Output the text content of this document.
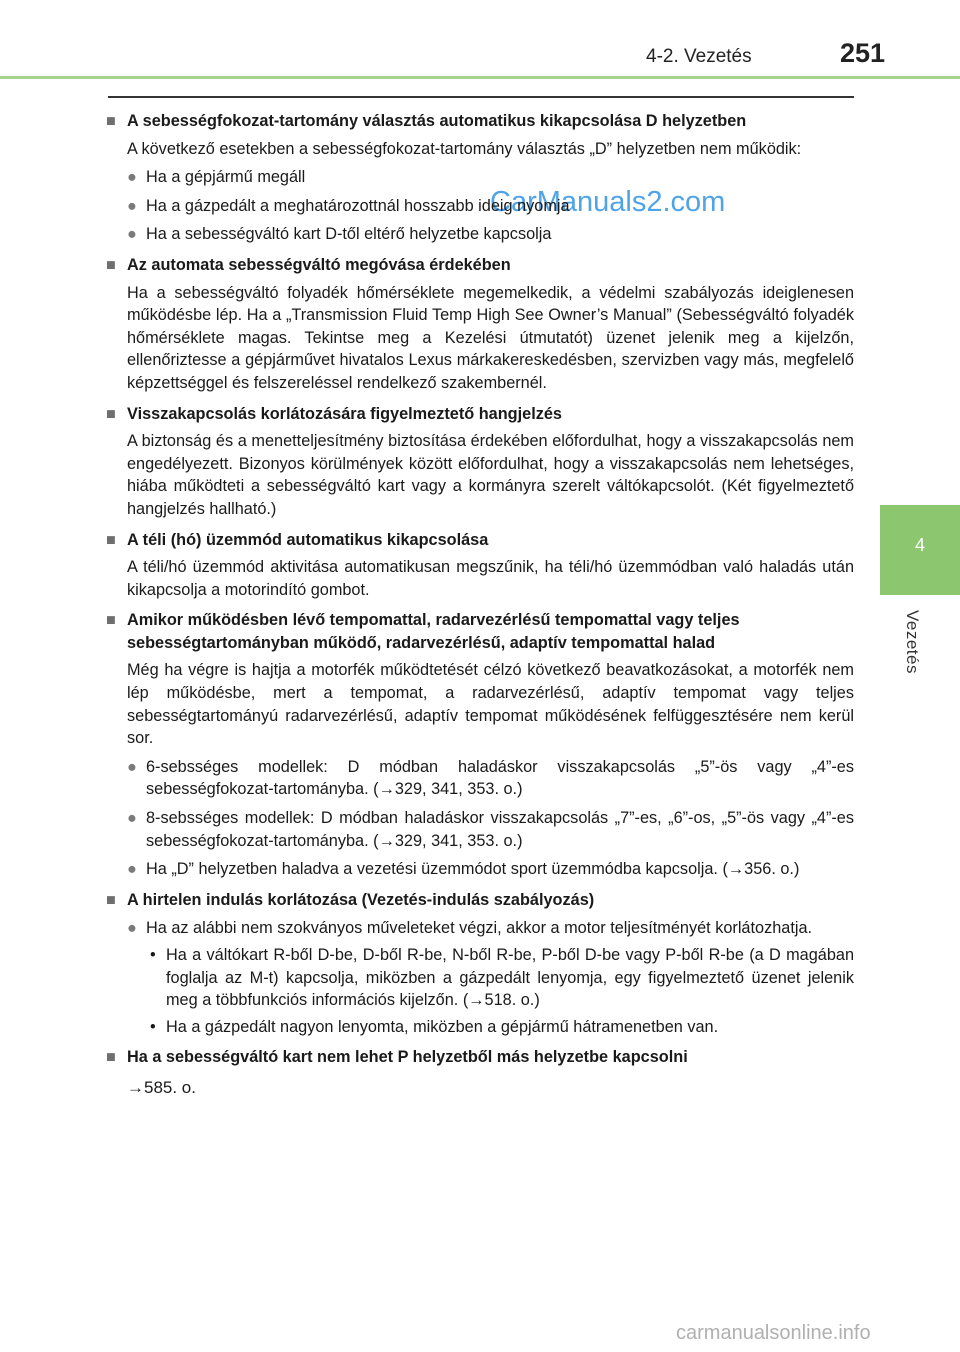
4-2. Vezetés	251
4
Vezetés
CarManuals2.com
■ A sebességfokozat-tartomány választás automatikus kikapcsolása D helyzetben
A következő esetekben a sebességfokozat-tartomány választás „D” helyzetben nem működik:
● Ha a gépjármű megáll
● Ha a gázpedált a meghatározottnál hosszabb ideig nyomja
● Ha a sebességváltó kart D-től eltérő helyzetbe kapcsolja
■ Az automata sebességváltó megóvása érdekében
Ha a sebességváltó folyadék hőmérséklete megemelkedik, a védelmi szabályozás ideiglenesen működésbe lép. Ha a „Transmission Fluid Temp High See Owner’s Manual” (Sebességváltó folyadék hőmérséklete magas. Tekintse meg a Kezelési útmutatót) üzenet jelenik meg a kijelzőn, ellenőriztesse a gépjárművet hivatalos Lexus márkakereskedésben, szervizben vagy más, megfelelő képzettséggel és felszereléssel rendelkező szakembernél.
■ Visszakapcsolás korlátozására figyelmeztető hangjelzés
A biztonság és a menetteljesítmény biztosítása érdekében előfordulhat, hogy a visszakapcsolás nem engedélyezett. Bizonyos körülmények között előfordulhat, hogy a visszakapcsolás nem lehetséges, hiába működteti a sebességváltó kart vagy a kormányra szerelt váltókapcsolót. (Két figyelmeztető hangjelzés hallható.)
■ A téli (hó) üzemmód automatikus kikapcsolása
A téli/hó üzemmód aktivitása automatikusan megszűnik, ha téli/hó üzemmódban való haladás után kikapcsolja a motorindító gombot.
■ Amikor működésben lévő tempomattal, radarvezérlésű tempomattal vagy teljes sebességtartományban működő, radarvezérlésű, adaptív tempomattal halad
Még ha végre is hajtja a motorfék működtetését célzó következő beavatkozásokat, a motorfék nem lép működésbe, mert a tempomat, a radarvezérlésű, adaptív tempomat vagy teljes sebességtartományú radarvezérlésű, adaptív tempomat működésének felfüggesztésére nem kerül sor.
● 6-sebsséges modellek: D módban haladáskor visszakapcsolás „5”-ös vagy „4”-es sebességfokozat-tartományba. (→329, 341, 353. o.)
● 8-sebsséges modellek: D módban haladáskor visszakapcsolás „7”-es, „6”-os, „5”-ös vagy „4”-es sebességfokozat-tartományba. (→329, 341, 353. o.)
● Ha „D” helyzetben haladva a vezetési üzemmódot sport üzemmódba kapcsolja. (→356. o.)
■ A hirtelen indulás korlátozása (Vezetés-indulás szabályozás)
● Ha az alábbi nem szokványos műveleteket végzi, akkor a motor teljesítményét korlátozhatja.
• Ha a váltókart R-ből D-be, D-ből R-be, N-ből R-be, P-ből D-be vagy P-ből R-be (a D magában foglalja az M-t) kapcsolja, miközben a gázpedált lenyomja, egy figyelmeztető üzenet jelenik meg a többfunkciós információs kijelzőn. (→518. o.)
• Ha a gázpedált nagyon lenyomta, miközben a gépjármű hátramenetben van.
■ Ha a sebességváltó kart nem lehet P helyzetből más helyzetbe kapcsolni
→585. o.
carmanualsonline.info
